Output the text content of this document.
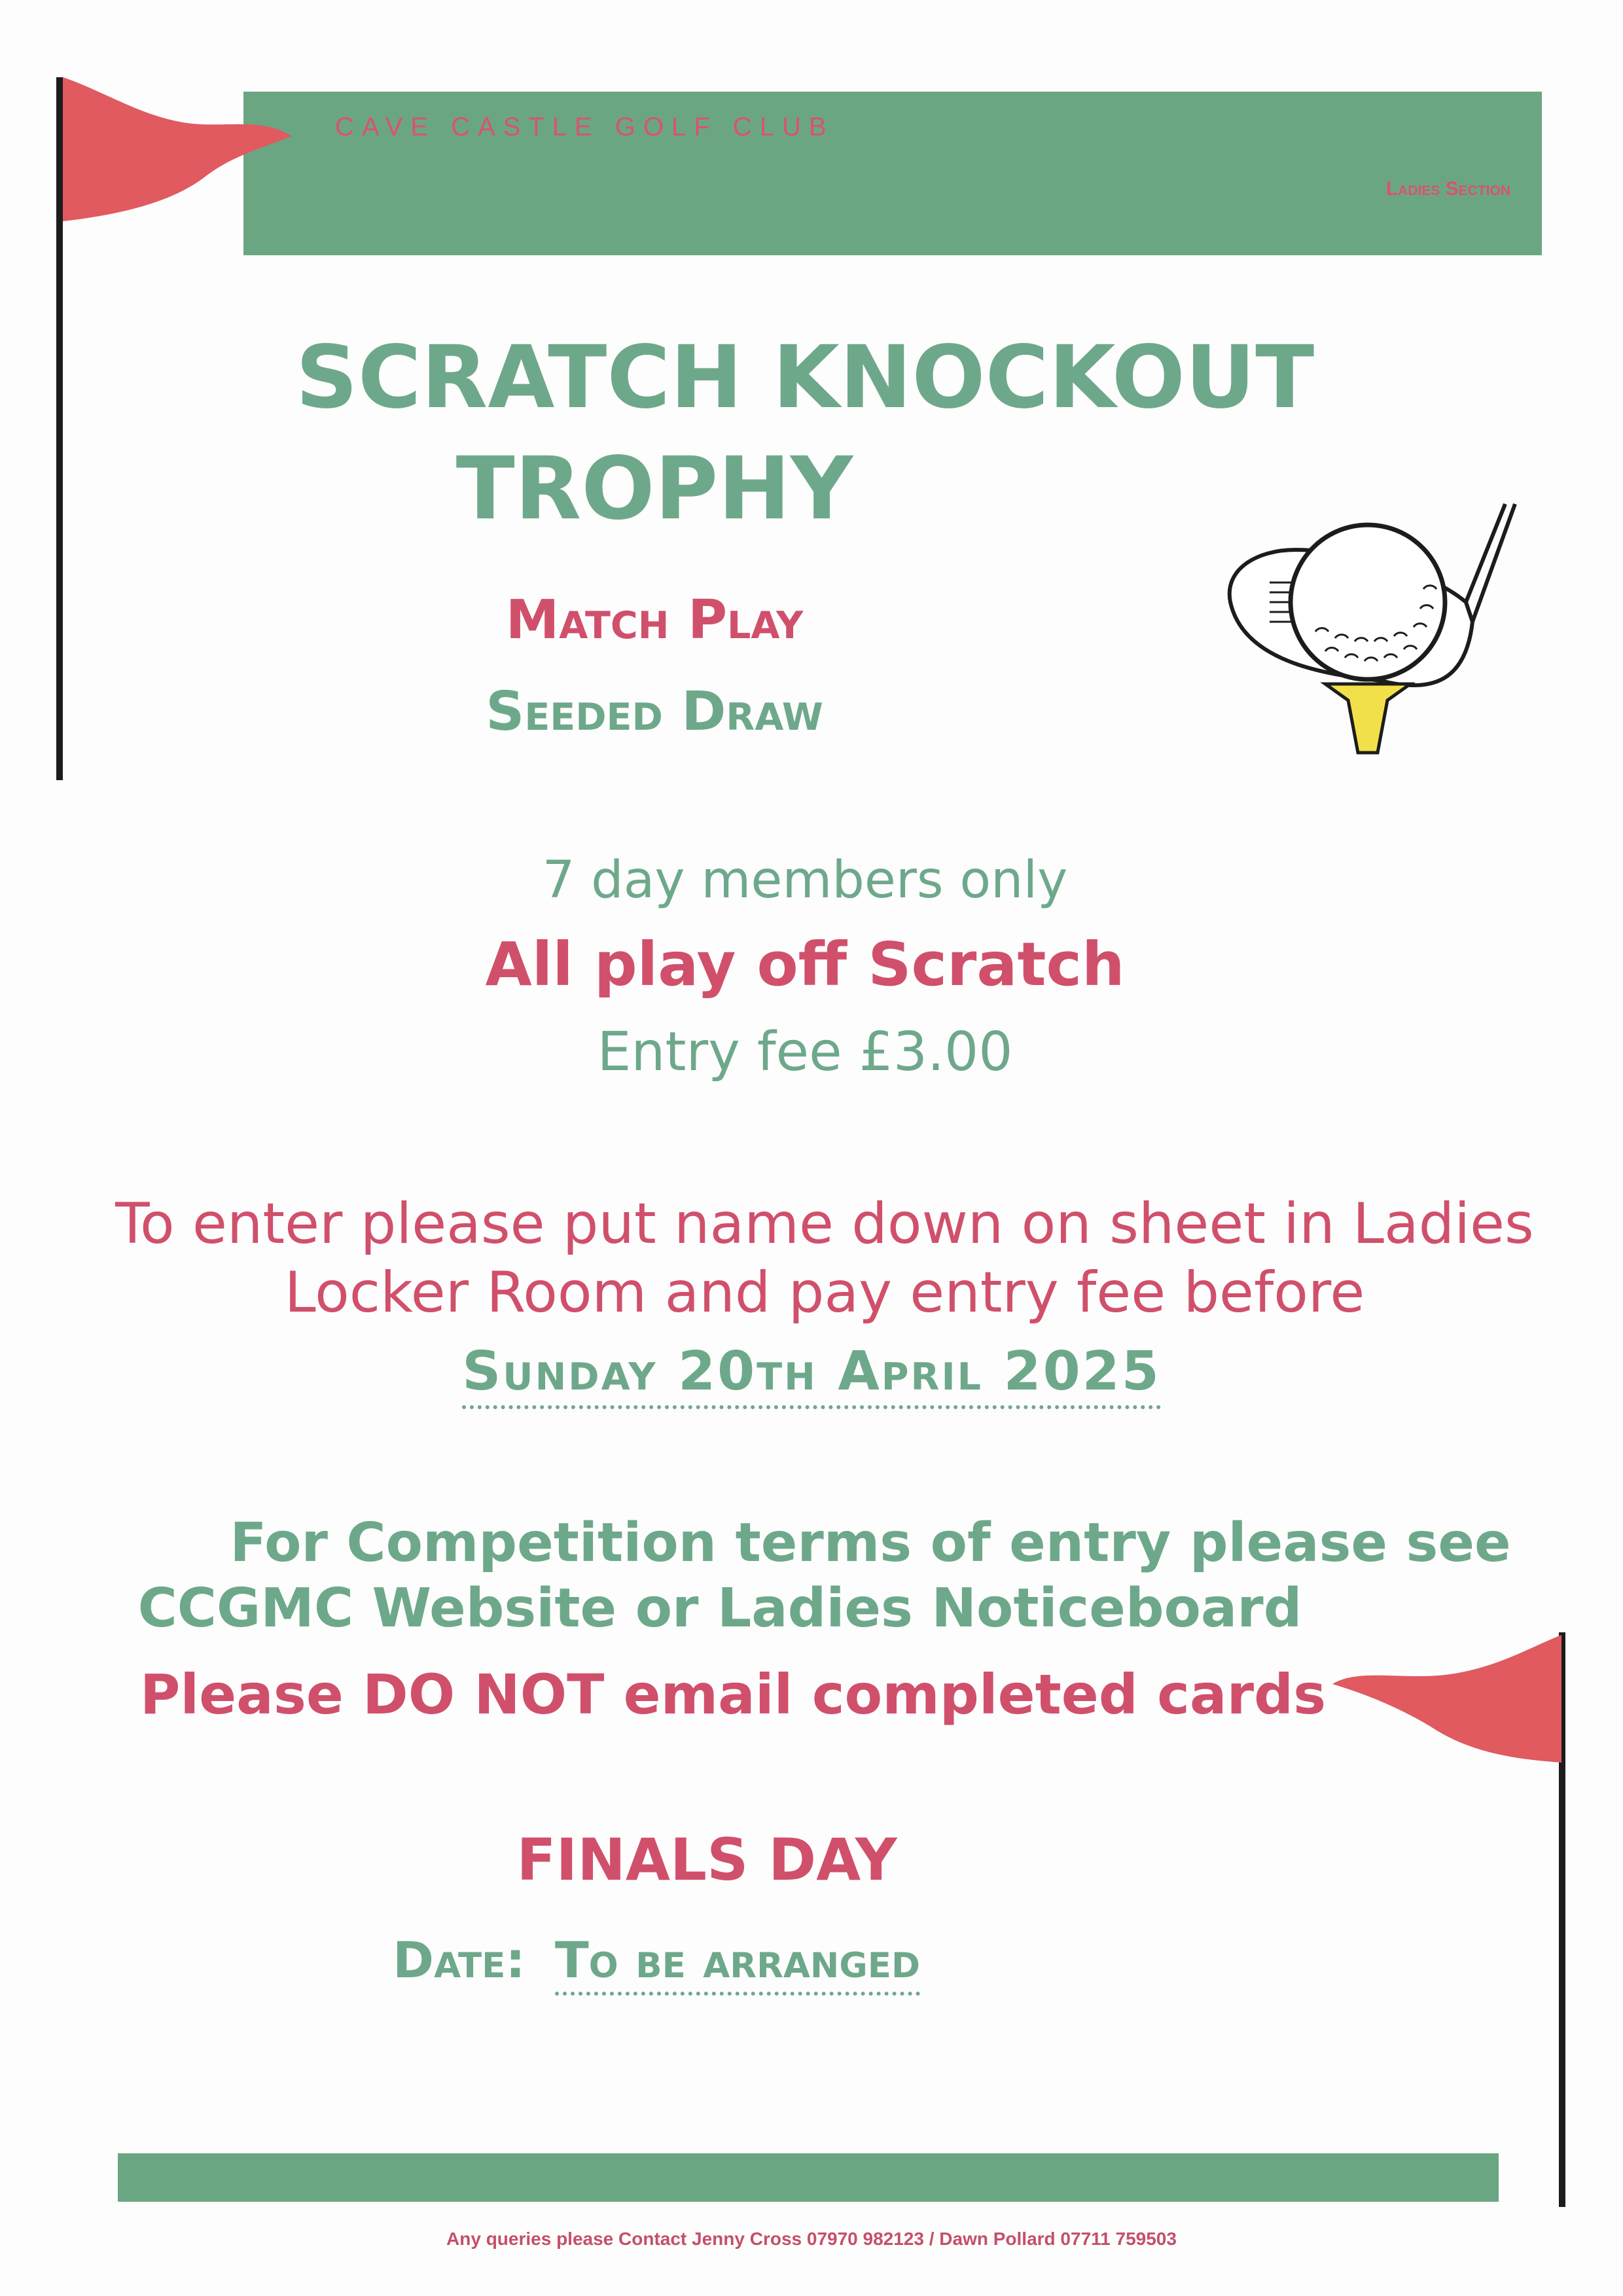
CAVE CASTLE GOLF CLUB
Ladies Section
SCRATCH KNOCKOUT
TROPHY
Match Play
Seeded Draw
7 day members only
All play off Scratch
Entry fee £3.00
To enter please put name down on sheet in Ladies
Locker Room and pay entry fee before
Sunday 20th April 2025
For Competition terms of entry please see
CCGMC Website or Ladies Noticeboard
Please DO NOT email completed cards
FINALS DAY
Date: To be arranged
Any queries please Contact Jenny Cross 07970 982123 / Dawn Pollard 07711 759503
